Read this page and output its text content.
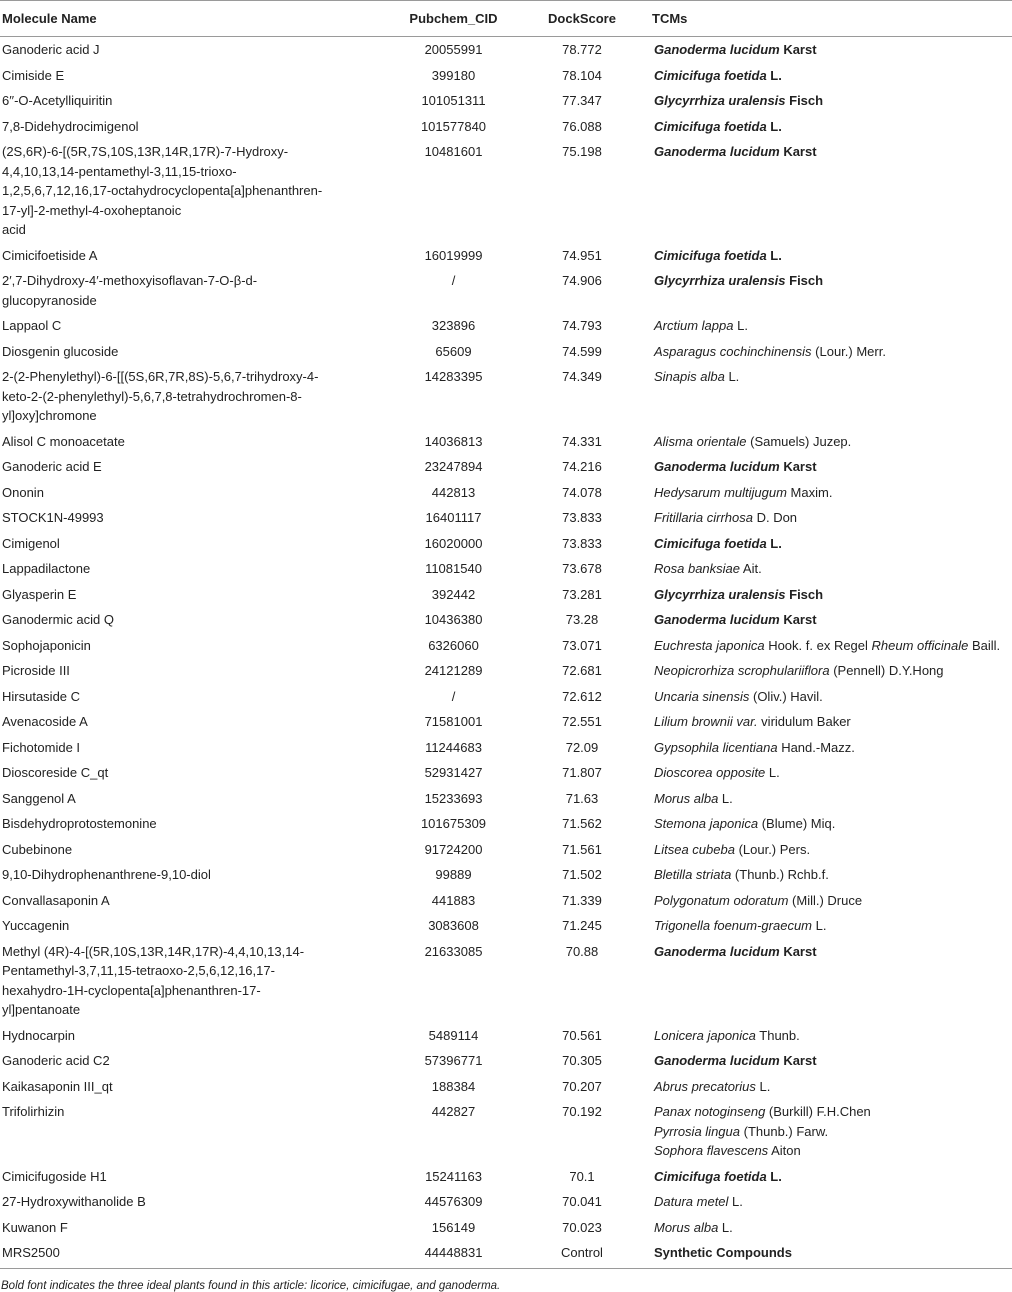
Molecule Name	Pubchem_CID	DockScore	TCMs
Ganoderic acid J	20055991	78.772	Ganoderma lucidum Karst

Cimiside E	399180	78.104	Cimicifuga foetida L.

6′′-O-Acetylliquiritin	101051311	77.347	Glycyrrhiza uralensis Fisch

7,8-Didehydrocimigenol	101577840	76.088	Cimicifuga foetida L.

(2S,6R)-6-[(5R,7S,10S,13R,14R,17R)-7-Hydroxy-
4,4,10,13,14-pentamethyl-3,11,15-trioxo-
1,2,5,6,7,12,16,17-octahydrocyclopenta[a]phenanthren-
17-yl]-2-methyl-4-oxoheptanoic
acid	10481601	75.198	Ganoderma lucidum Karst

Cimicifoetiside A	16019999	74.951	Cimicifuga foetida L.

2′,7-Dihydroxy-4′-methoxyisoflavan-7-O-β-d-
glucopyranoside	/	74.906	Glycyrrhiza uralensis Fisch

Lappaol C	323896	74.793	Arctium lappa L.

Diosgenin glucoside	65609	74.599	Asparagus cochinchinensis (Lour.) Merr.

2-(2-Phenylethyl)-6-[[(5S,6R,7R,8S)-5,6,7-trihydroxy-4-
keto-2-(2-phenylethyl)-5,6,7,8-tetrahydrochromen-8-
yl]oxy]chromone	14283395	74.349	Sinapis alba L.

Alisol C monoacetate	14036813	74.331	Alisma orientale (Samuels) Juzep.

Ganoderic acid E	23247894	74.216	Ganoderma lucidum Karst

Ononin	442813	74.078	Hedysarum multijugum Maxim.

STOCK1N-49993	16401117	73.833	Fritillaria cirrhosa D. Don

Cimigenol	16020000	73.833	Cimicifuga foetida L.

Lappadilactone	11081540	73.678	Rosa banksiae Ait.

Glyasperin E	392442	73.281	Glycyrrhiza uralensis Fisch

Ganodermic acid Q	10436380	73.28	Ganoderma lucidum Karst

Sophojaponicin	6326060	73.071	Euchresta japonica Hook. f. ex Regel Rheum officinale Baill.

Picroside III	24121289	72.681	Neopicrorhiza scrophulariiflora (Pennell) D.Y.Hong

Hirsutaside C	/	72.612	Uncaria sinensis (Oliv.) Havil.

Avenacoside A	71581001	72.551	Lilium brownii var. viridulum Baker

Fichotomide I	11244683	72.09	Gypsophila licentiana Hand.-Mazz.

Dioscoreside C_qt	52931427	71.807	Dioscorea opposite L.

Sanggenol A	15233693	71.63	Morus alba L.

Bisdehydroprotostemonine	101675309	71.562	Stemona japonica (Blume) Miq.

Cubebinone	91724200	71.561	Litsea cubeba (Lour.) Pers.

9,10-Dihydrophenanthrene-9,10-diol	99889	71.502	Bletilla striata (Thunb.) Rchb.f.

Convallasaponin A	441883	71.339	Polygonatum odoratum (Mill.) Druce

Yuccagenin	3083608	71.245	Trigonella foenum-graecum L.

Methyl (4R)-4-[(5R,10S,13R,14R,17R)-4,4,10,13,14-
Pentamethyl-3,7,11,15-tetraoxo-2,5,6,12,16,17-
hexahydro-1H-cyclopenta[a]phenanthren-17-
yl]pentanoate	21633085	70.88	Ganoderma lucidum Karst

Hydnocarpin	5489114	70.561	Lonicera japonica Thunb.

Ganoderic acid C2	57396771	70.305	Ganoderma lucidum Karst

Kaikasaponin III_qt	188384	70.207	Abrus precatorius L.

Trifolirhizin	442827	70.192	Panax notoginseng (Burkill) F.H.Chen
Pyrrosia lingua (Thunb.) Farw.
Sophora flavescens Aiton

Cimicifugoside H1	15241163	70.1	Cimicifuga foetida L.

27-Hydroxywithanolide B	44576309	70.041	Datura metel L.

Kuwanon F	156149	70.023	Morus alba L.

MRS2500	44448831	Control	Synthetic Compounds
Bold font indicates the three ideal plants found in this article: licorice, cimicifugae, and ganoderma.
